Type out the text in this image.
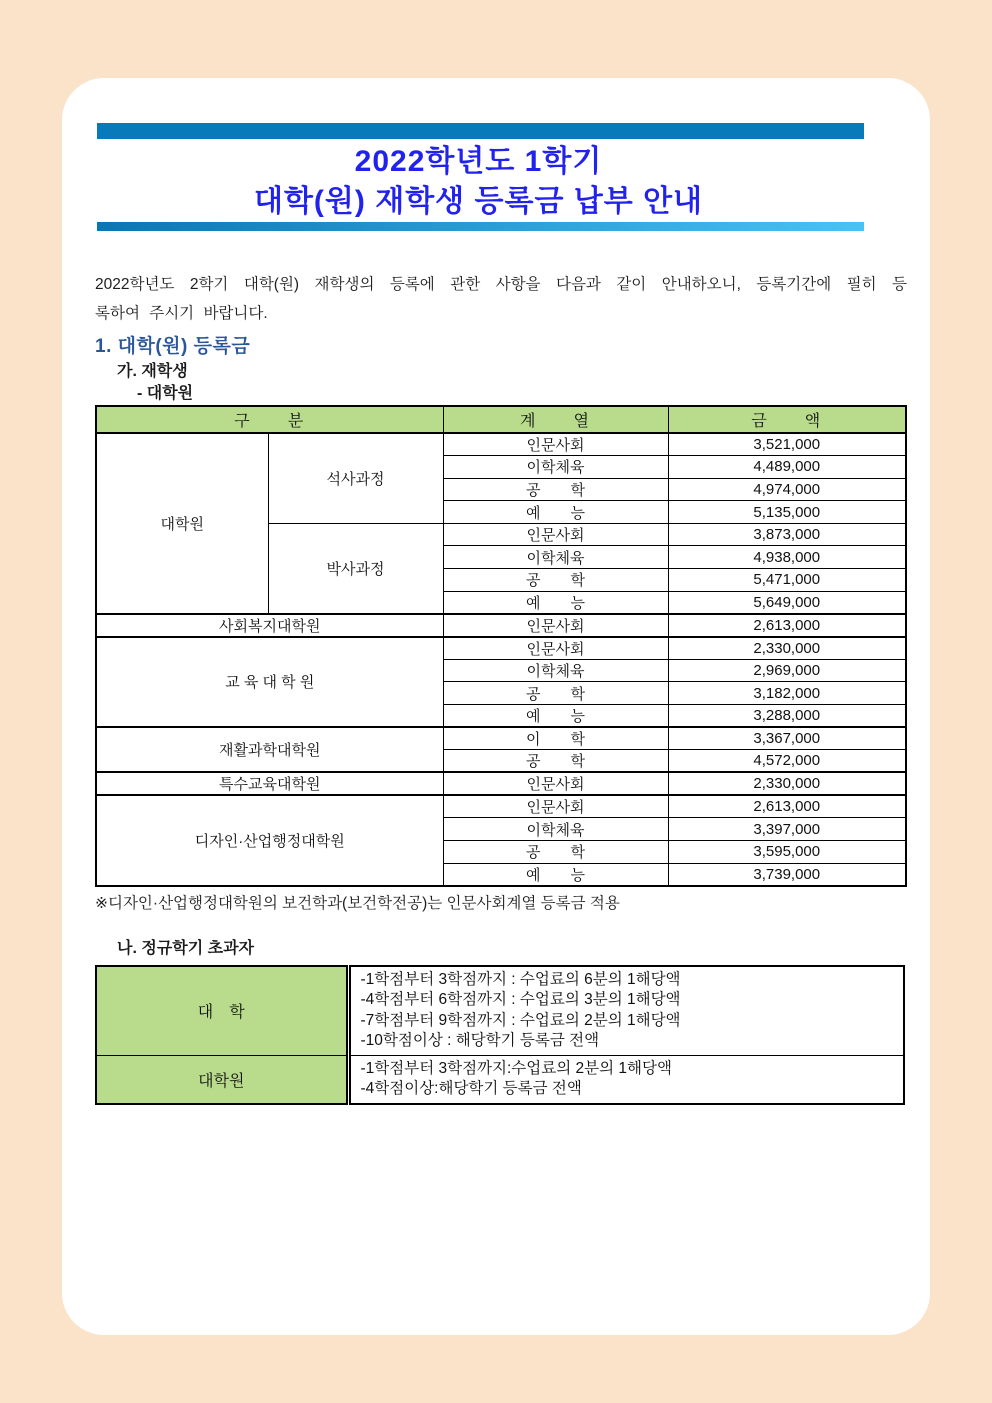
2022학년도 1학기
대학(원) 재학생 등록금 납부 안내
2022학년도 2학기 대학(원) 재학생의 등록에 관한 사항을 다음과 같이 안내하오니, 등록기간에 필히 등
록하여 주시기 바랍니다.
1. 대학(원) 등록금
가. 재학생
- 대학원
구　　분		계　　열	금　　액
대학원	석사과정	인문사회	3,521,000
		이학체육	4,489,000
		공　　학	4,974,000
		예　　능	5,135,000
	박사과정	인문사회	3,873,000
		이학체육	4,938,000
		공　　학	5,471,000
		예　　능	5,649,000
사회복지대학원		인문사회	2,613,000
교 육 대 학 원		인문사회	2,330,000
		이학체육	2,969,000
		공　　학	3,182,000
		예　　능	3,288,000
재활과학대학원		이　　학	3,367,000
		공　　학	4,572,000
특수교육대학원		인문사회	2,330,000
디자인·산업행정대학원		인문사회	2,613,000
		이학체육	3,397,000
		공　　학	3,595,000
		예　　능	3,739,000
※디자인·산업행정대학원의 보건학과(보건학전공)는 인문사회계열 등록금 적용
나. 정규학기 초과자
대　학	-1학점부터 3학점까지 : 수업료의 6분의 1해당액
-4학점부터 6학점까지 : 수업료의 3분의 1해당액
-7학점부터 9학점까지 : 수업료의 2분의 1해당액
-10학점이상 : 해당학기 등록금 전액

대학원	-1학점부터 3학점까지:수업료의 2분의 1해당액
-4학점이상:해당학기 등록금 전액
